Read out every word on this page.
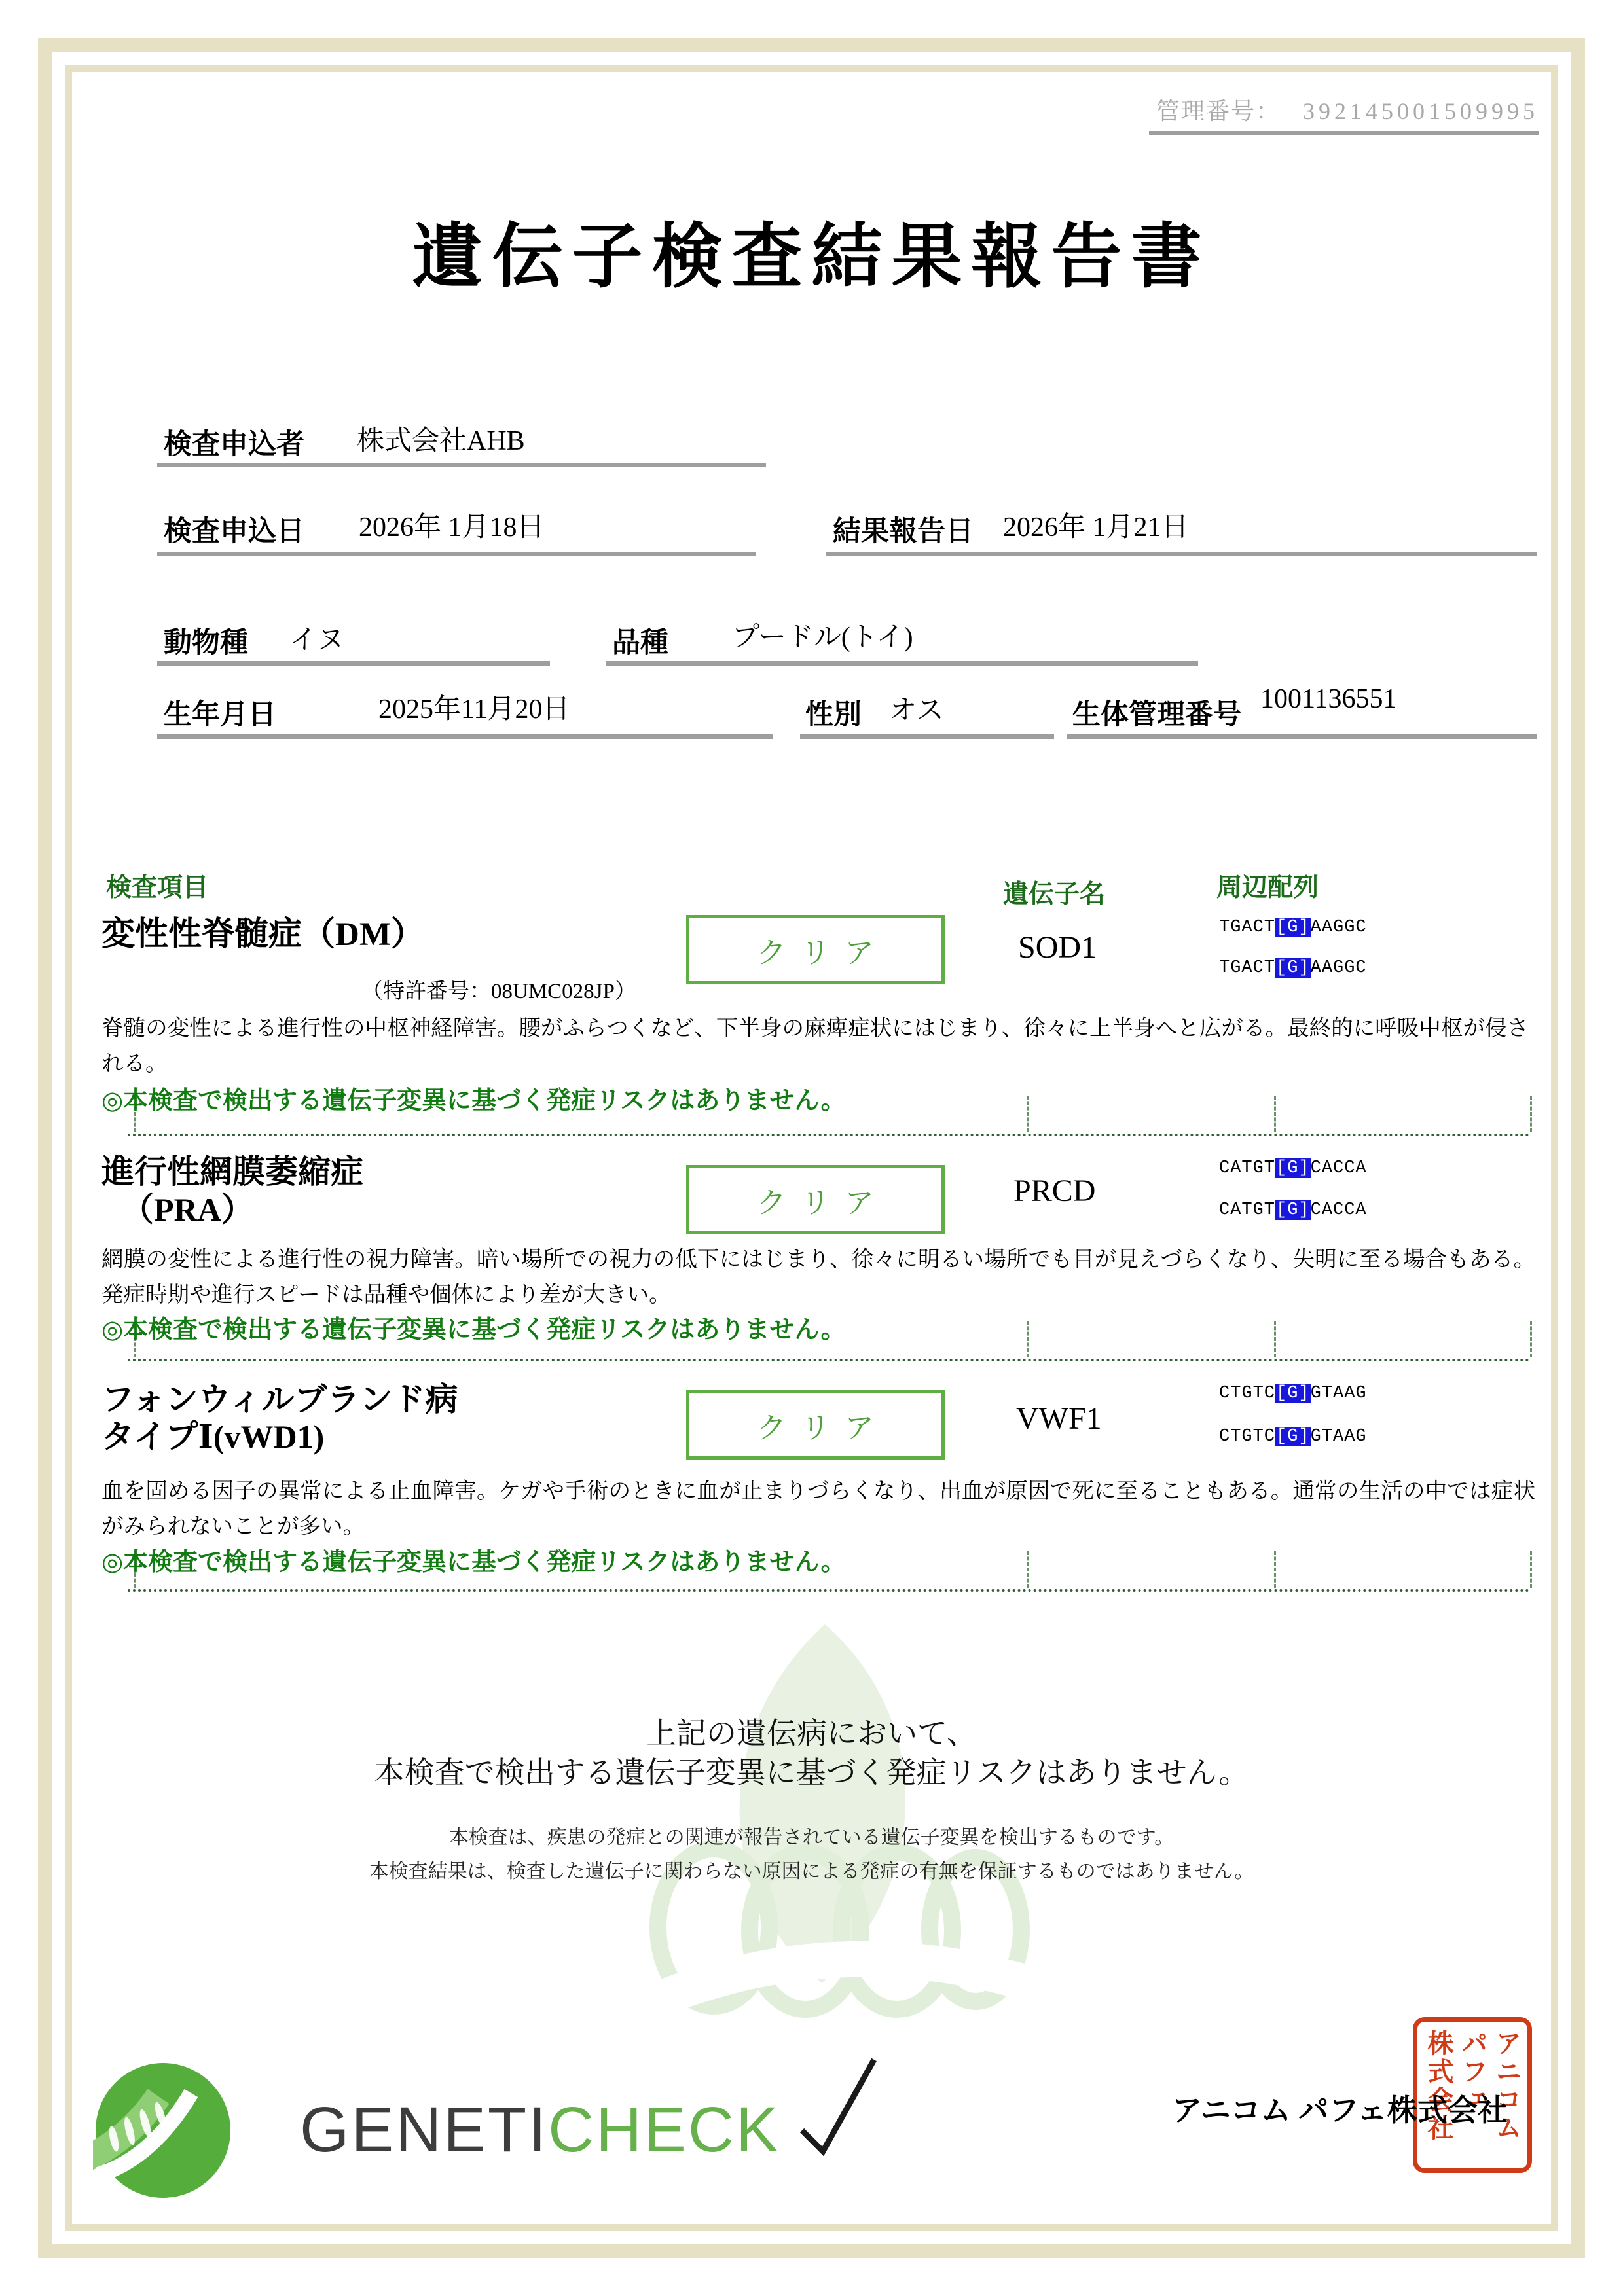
管理番号： 392145001509995
遺伝子検査結果報告書
検査申込者 株式会社AHB
検査申込日 2026年 1月18日	結果報告日 2026年 1月21日
動物種 イヌ	品種 プードル(トイ)
生年月日	2025年11月20日	性別 オス	生体管理番号
1001136551
検査項目	遺伝子名	周辺配列
変性性脊髄症（DM）
（特許番号：08UMC028JP）
クリア	SOD1
TGACT[G]AAGGC
TGACT[G]AAGGC
脊髄の変性による進行性の中枢神経障害。腰がふらつくなど、下半身の麻痺症状にはじまり、徐々に上半身へと広がる。最終的に呼吸中枢が侵される。
◎本検査で検出する遺伝子変異に基づく発症リスクはありません。
進行性網膜萎縮症
（PRA）	クリア	PRCD
CATGT[G]CACCA
CATGT[G]CACCA
網膜の変性による進行性の視力障害。暗い場所での視力の低下にはじまり、徐々に明るい場所でも目が見えづらくなり、失明に至る場合もある。発症時期や進行スピードは品種や個体により差が大きい。
◎本検査で検出する遺伝子変異に基づく発症リスクはありません。
フォンウィルブランド病
タイプⅠ(vWD1)	クリア	VWF1
CTGTC[G]GTAAG
CTGTC[G]GTAAG
血を固める因子の異常による止血障害。ケガや手術のときに血が止まりづらくなり、出血が原因で死に至ることもある。通常の生活の中では症状がみられないことが多い。
◎本検査で検出する遺伝子変異に基づく発症リスクはありません。
上記の遺伝病において、
本検査で検出する遺伝子変異に基づく発症リスクはありません。
本検査は、疾患の発症との関連が報告されている遺伝子変異を検出するものです。
本検査結果は、検査した遺伝子に関わらない原因による発症の有無を保証するものではありません。
GENETICHECK	アニコム パフェ株式会社
アニコム
パフェ
株式会社
